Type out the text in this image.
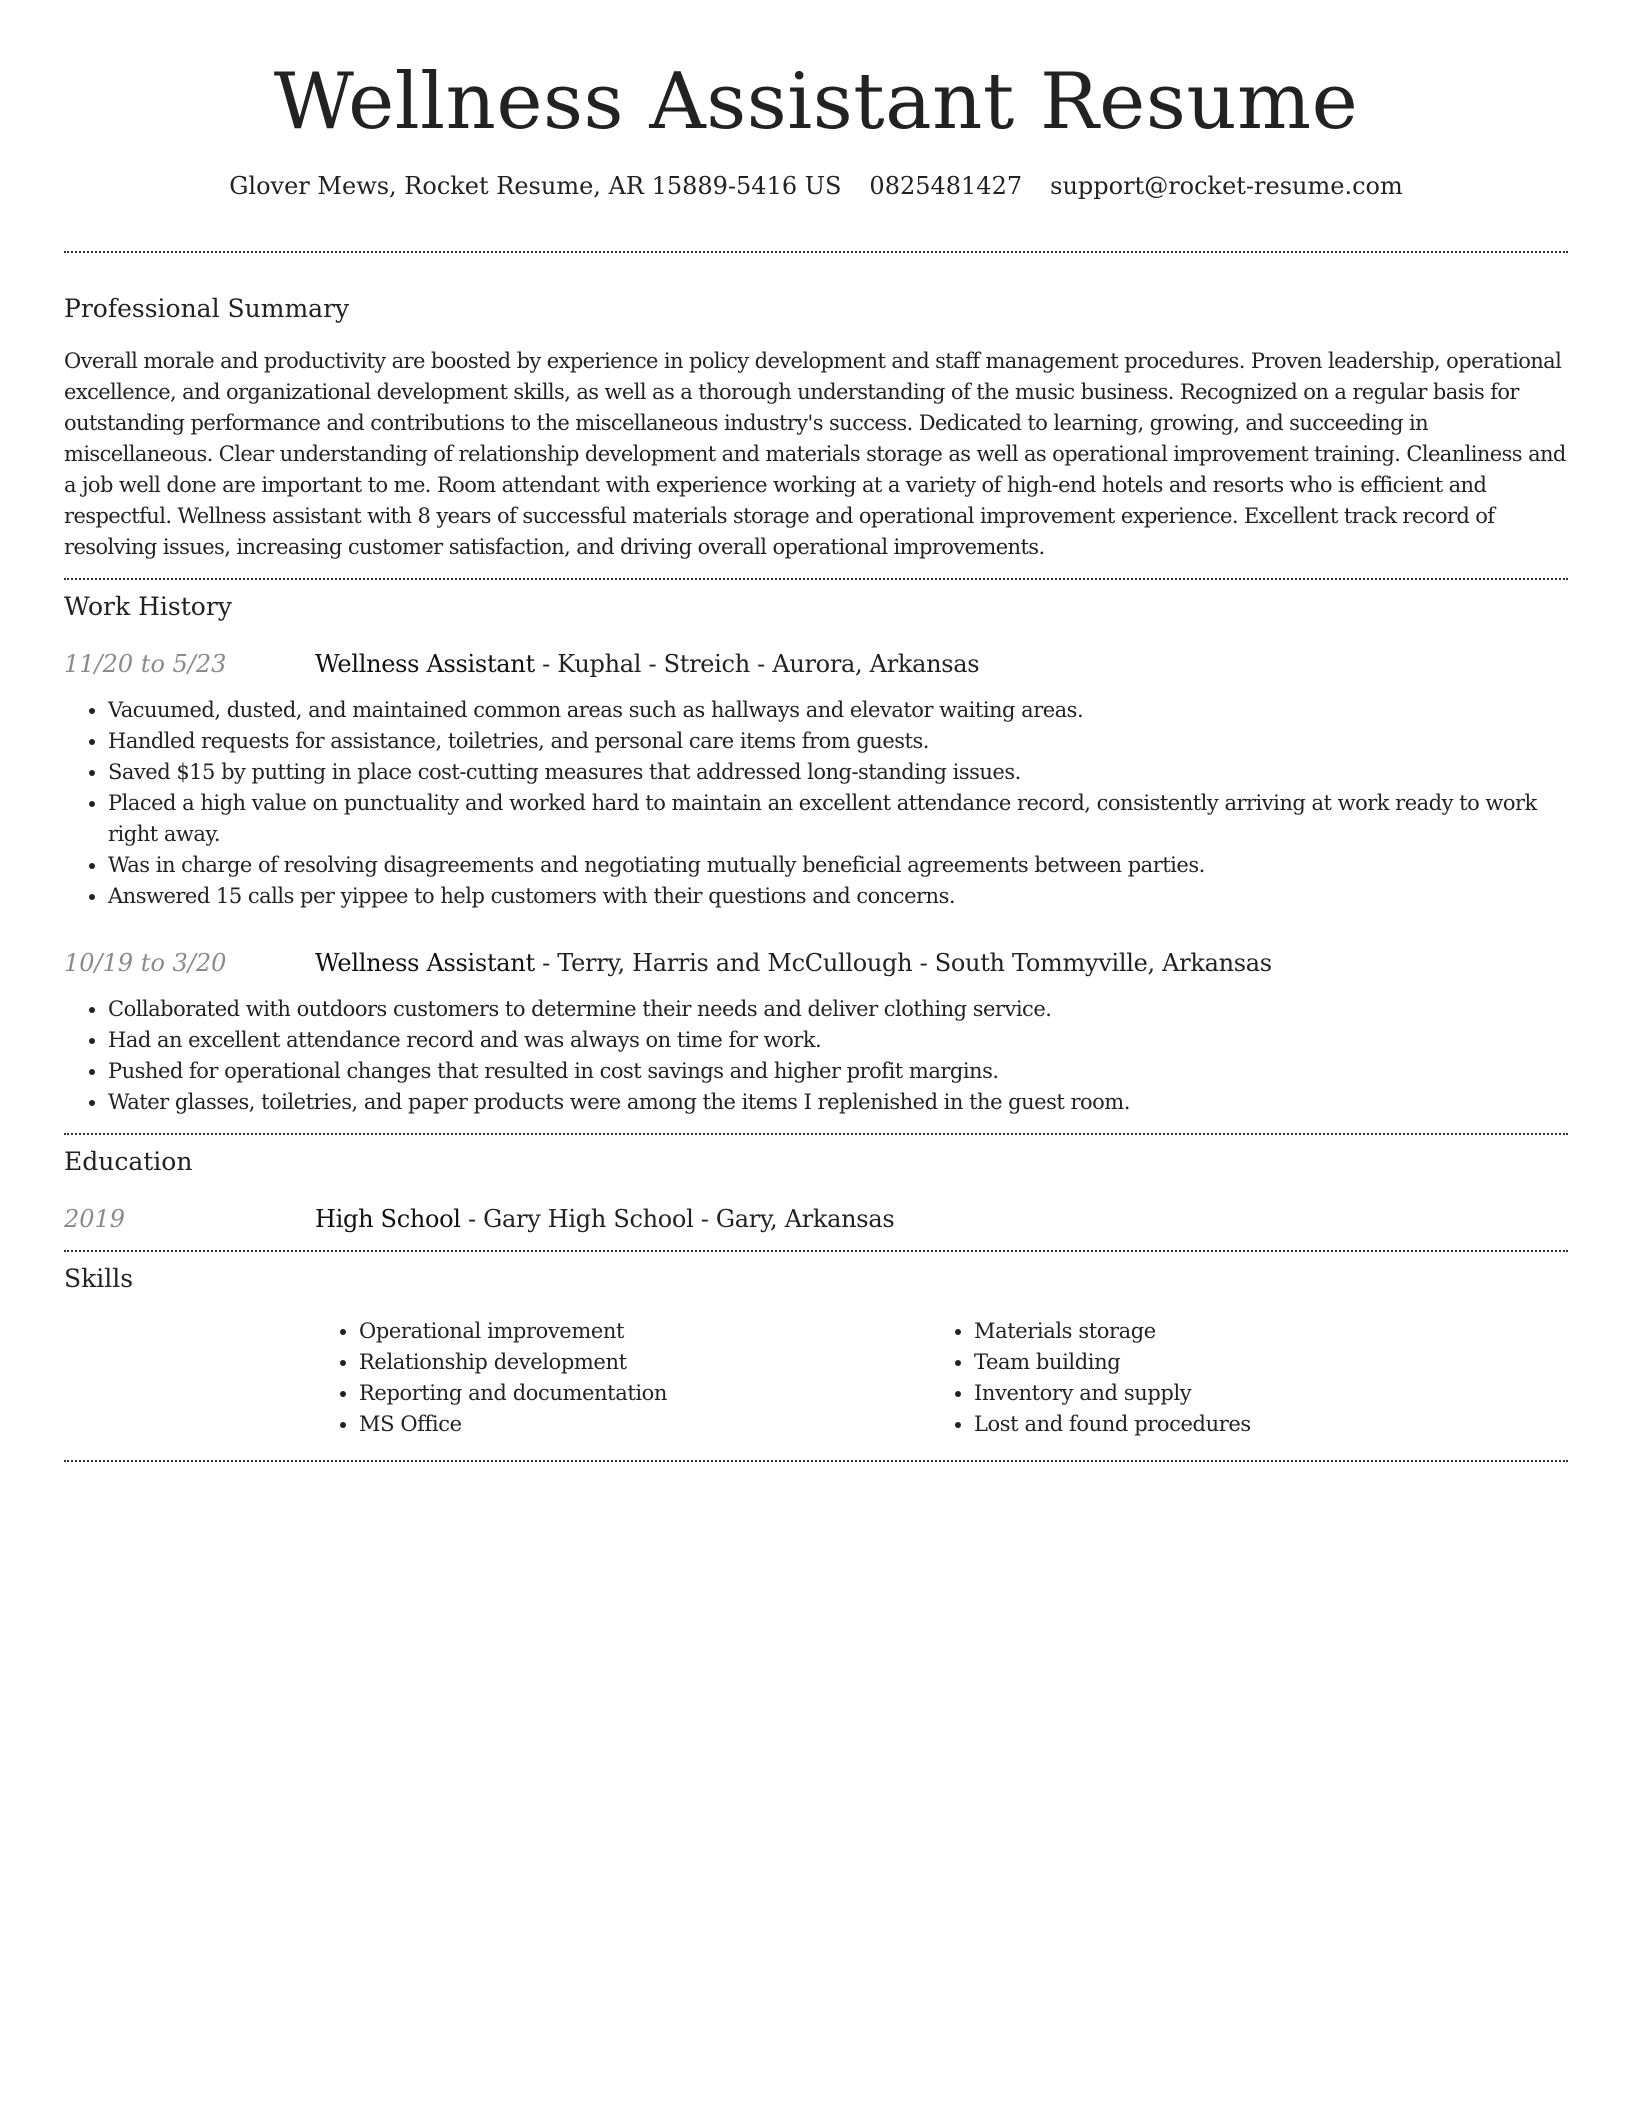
Wellness Assistant Resume
Glover Mews, Rocket Resume, AR 15889-5416 US 0825481427 support@rocket-resume.com
Professional Summary

Overall morale and productivity are boosted by experience in policy development and staff management procedures. Proven leadership, operational excellence, and organizational development skills, as well as a thorough understanding of the music business. Recognized on a regular basis for outstanding performance and contributions to the miscellaneous industry's success. Dedicated to learning, growing, and succeeding in miscellaneous. Clear understanding of relationship development and materials storage as well as operational improvement training. Cleanliness and a job well done are important to me. Room attendant with experience working at a variety of high-end hotels and resorts who is efficient and respectful. Wellness assistant with 8 years of successful materials storage and operational improvement experience. Excellent track record of resolving issues, increasing customer satisfaction, and driving overall operational improvements.

Work History
11/20 to 5/23	Wellness Assistant - Kuphal - Streich - Aurora, Arkansas
• Vacuumed, dusted, and maintained common areas such as hallways and elevator waiting areas.
• Handled requests for assistance, toiletries, and personal care items from guests.
• Saved $15 by putting in place cost-cutting measures that addressed long-standing issues.
• Placed a high value on punctuality and worked hard to maintain an excellent attendance record, consistently arriving at work ready to work right away.
• Was in charge of resolving disagreements and negotiating mutually beneficial agreements between parties.
• Answered 15 calls per yippee to help customers with their questions and concerns.
10/19 to 3/20	Wellness Assistant - Terry, Harris and McCullough - South Tommyville, Arkansas
• Collaborated with outdoors customers to determine their needs and deliver clothing service.
• Had an excellent attendance record and was always on time for work.
• Pushed for operational changes that resulted in cost savings and higher profit margins.
• Water glasses, toiletries, and paper products were among the items I replenished in the guest room.
Education
2019	High School - Gary High School - Gary, Arkansas
Skills
• Operational improvement
• Relationship development
• Reporting and documentation
• MS Office
• Materials storage
• Team building
• Inventory and supply
• Lost and found procedures
